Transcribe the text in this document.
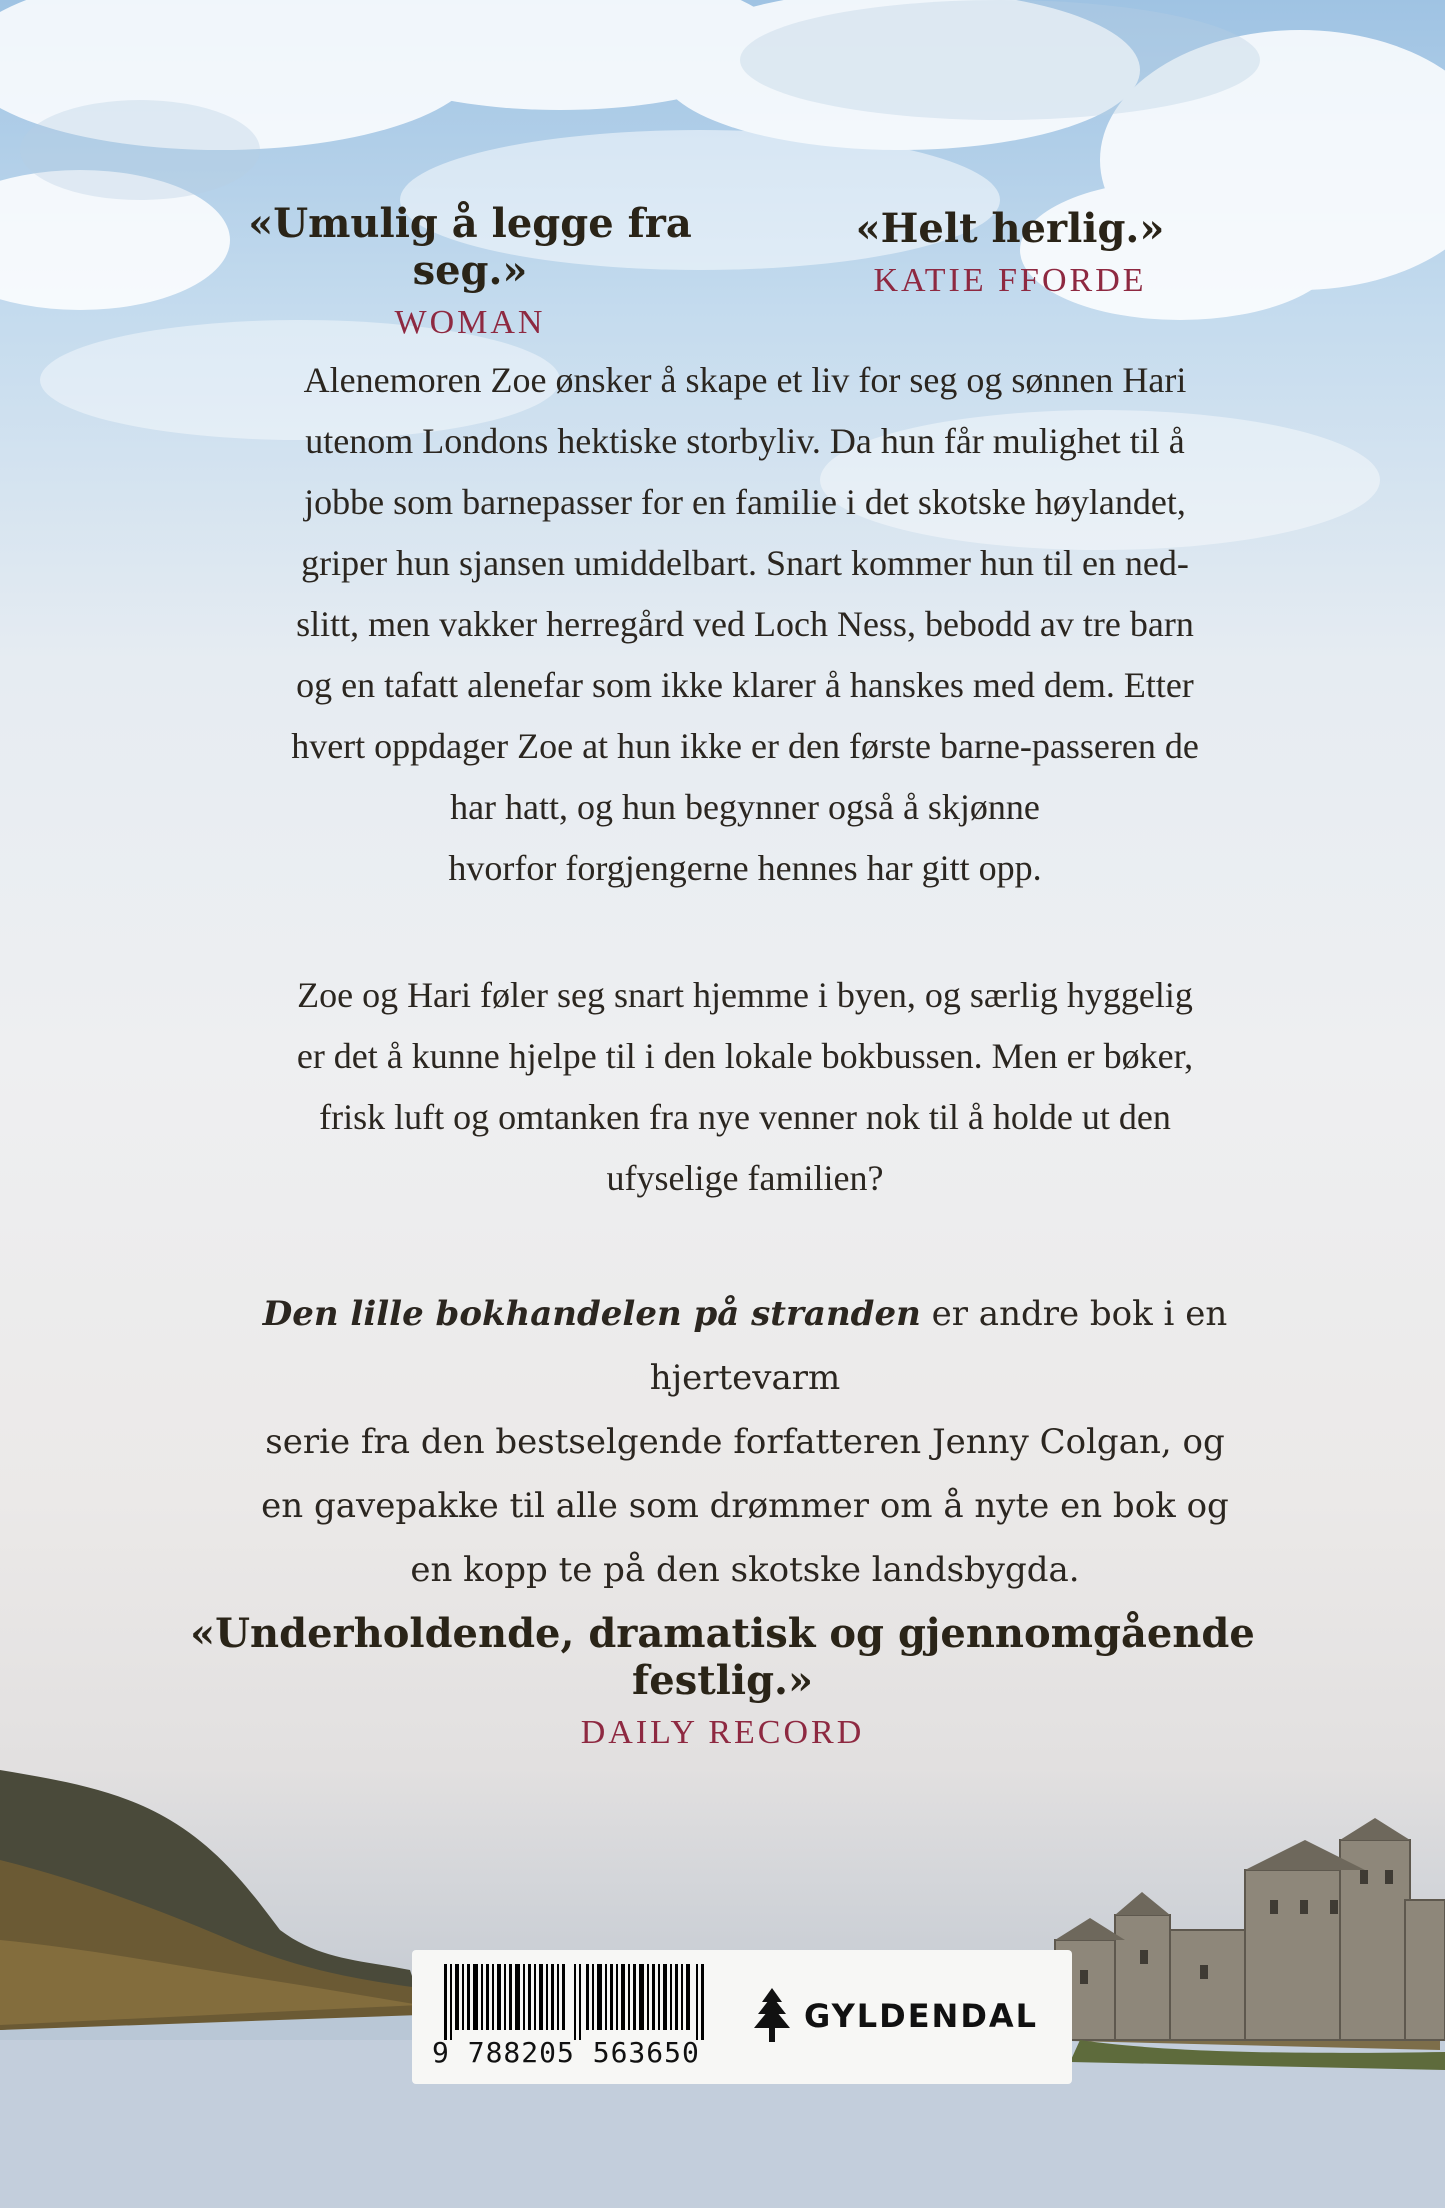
«Umulig å legge fra seg.»
WOMAN
«Helt herlig.»
KATIE FFORDE

Alenemoren Zoe ønsker å skape et liv for seg og sønnen Hari

utenom Londons hektiske storbyliv. Da hun får mulighet til å

jobbe som barnepasser for en familie i det skotske høylandet,

griper hun sjansen umiddelbart. Snart kommer hun til en ned-

slitt, men vakker herregård ved Loch Ness, bebodd av tre barn

og en tafatt alenefar som ikke klarer å hanskes med dem. Etter

hvert oppdager Zoe at hun ikke er den første barne-passeren de

har hatt, og hun begynner også å skjønne

hvorfor forgjengerne hennes har gitt opp.

Zoe og Hari føler seg snart hjemme i byen, og særlig hyggelig

er det å kunne hjelpe til i den lokale bokbussen. Men er bøker,

frisk luft og omtanken fra nye venner nok til å holde ut den

ufyselige familien?

Den lille bokhandelen på stranden er andre bok i en hjertevarm

serie fra den bestselgende forfatteren Jenny Colgan, og

en gavepakke til alle som drømmer om å nyte en bok og

en kopp te på den skotske landsbygda.

«Underholdende, dramatisk og gjennomgående festlig.»
DAILY RECORD
9 788205 563650
GYLDENDAL
